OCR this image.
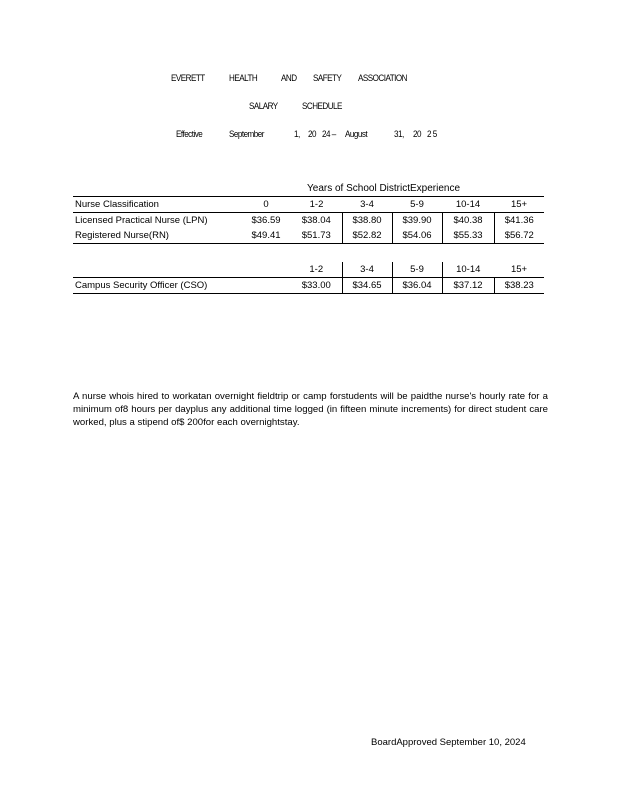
EVERETT	HEALTH	AND SAFETY ASSOCIATION
SALARY	SCHEDULE
Effective	September	1, 20 24 – August	31, 20 2 5
Years of School DistrictExperience
Nurse Classification	0	1-2	3-4	5-9	10-14	15+
Licensed Practical Nurse (LPN)	$36.59	$38.04	$38.80	$39.90	$40.38	$41.36
Registered Nurse(RN)	$49.41	$51.73	$52.82	$54.06	$55.33	$56.72
		1-2	3-4	5-9	10-14	15+
Campus Security Officer (CSO)		$33.00	$34.65	$36.04	$37.12	$38.23
A nurse whois hired to workatan overnight fieldtrip or camp forstudents will be paidthe nurse's hourly rate for a minimum of8 hours per dayplus any additional time logged (in fifteen minute increments) for direct student care worked, plus a stipend of$ 200for each overnightstay.
BoardApproved September 10, 2024
